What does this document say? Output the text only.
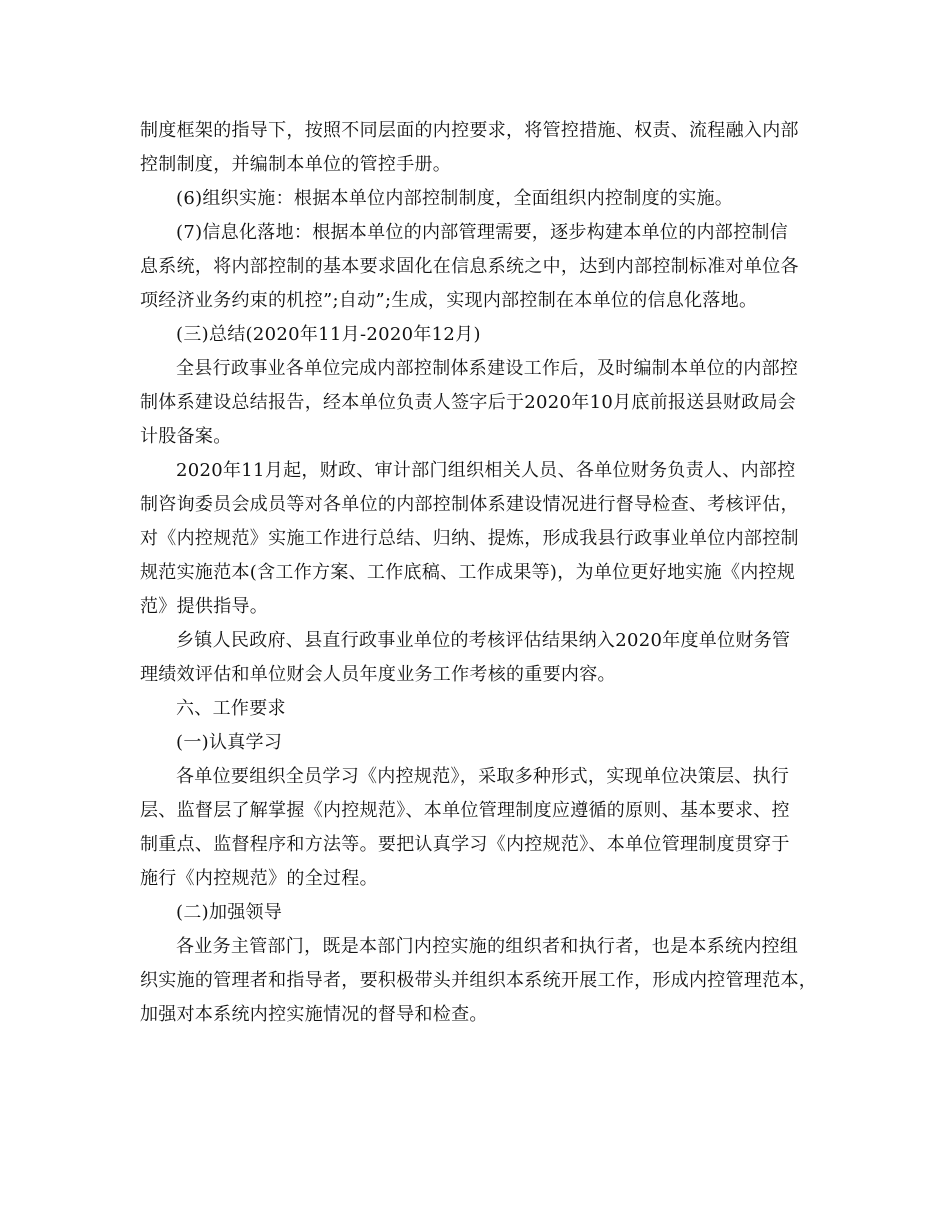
制度框架的指导下，按照不同层面的内控要求，将管控措施、权责、流程融入内部
控制制度，并编制本单位的管控手册。
(6)组织实施：根据本单位内部控制制度，全面组织内控制度的实施。
(7)信息化落地：根据本单位的内部管理需要，逐步构建本单位的内部控制信
息系统，将内部控制的基本要求固化在信息系统之中，达到内部控制标准对单位各
项经济业务约束的机控”;自动”;生成，实现内部控制在本单位的信息化落地。
(三)总结(2020年11月-2020年12月)
全县行政事业各单位完成内部控制体系建设工作后，及时编制本单位的内部控
制体系建设总结报告，经本单位负责人签字后于2020年10月底前报送县财政局会
计股备案。
2020年11月起，财政、审计部门组织相关人员、各单位财务负责人、内部控
制咨询委员会成员等对各单位的内部控制体系建设情况进行督导检查、考核评估，
对《内控规范》实施工作进行总结、归纳、提炼，形成我县行政事业单位内部控制
规范实施范本(含工作方案、工作底稿、工作成果等)，为单位更好地实施《内控规
范》提供指导。
乡镇人民政府、县直行政事业单位的考核评估结果纳入2020年度单位财务管
理绩效评估和单位财会人员年度业务工作考核的重要内容。
六、工作要求
(一)认真学习
各单位要组织全员学习《内控规范》，采取多种形式，实现单位决策层、执行
层、监督层了解掌握《内控规范》、本单位管理制度应遵循的原则、基本要求、控
制重点、监督程序和方法等。要把认真学习《内控规范》、本单位管理制度贯穿于
施行《内控规范》的全过程。
(二)加强领导
各业务主管部门，既是本部门内控实施的组织者和执行者，也是本系统内控组
织实施的管理者和指导者，要积极带头并组织本系统开展工作，形成内控管理范本，
加强对本系统内控实施情况的督导和检查。
